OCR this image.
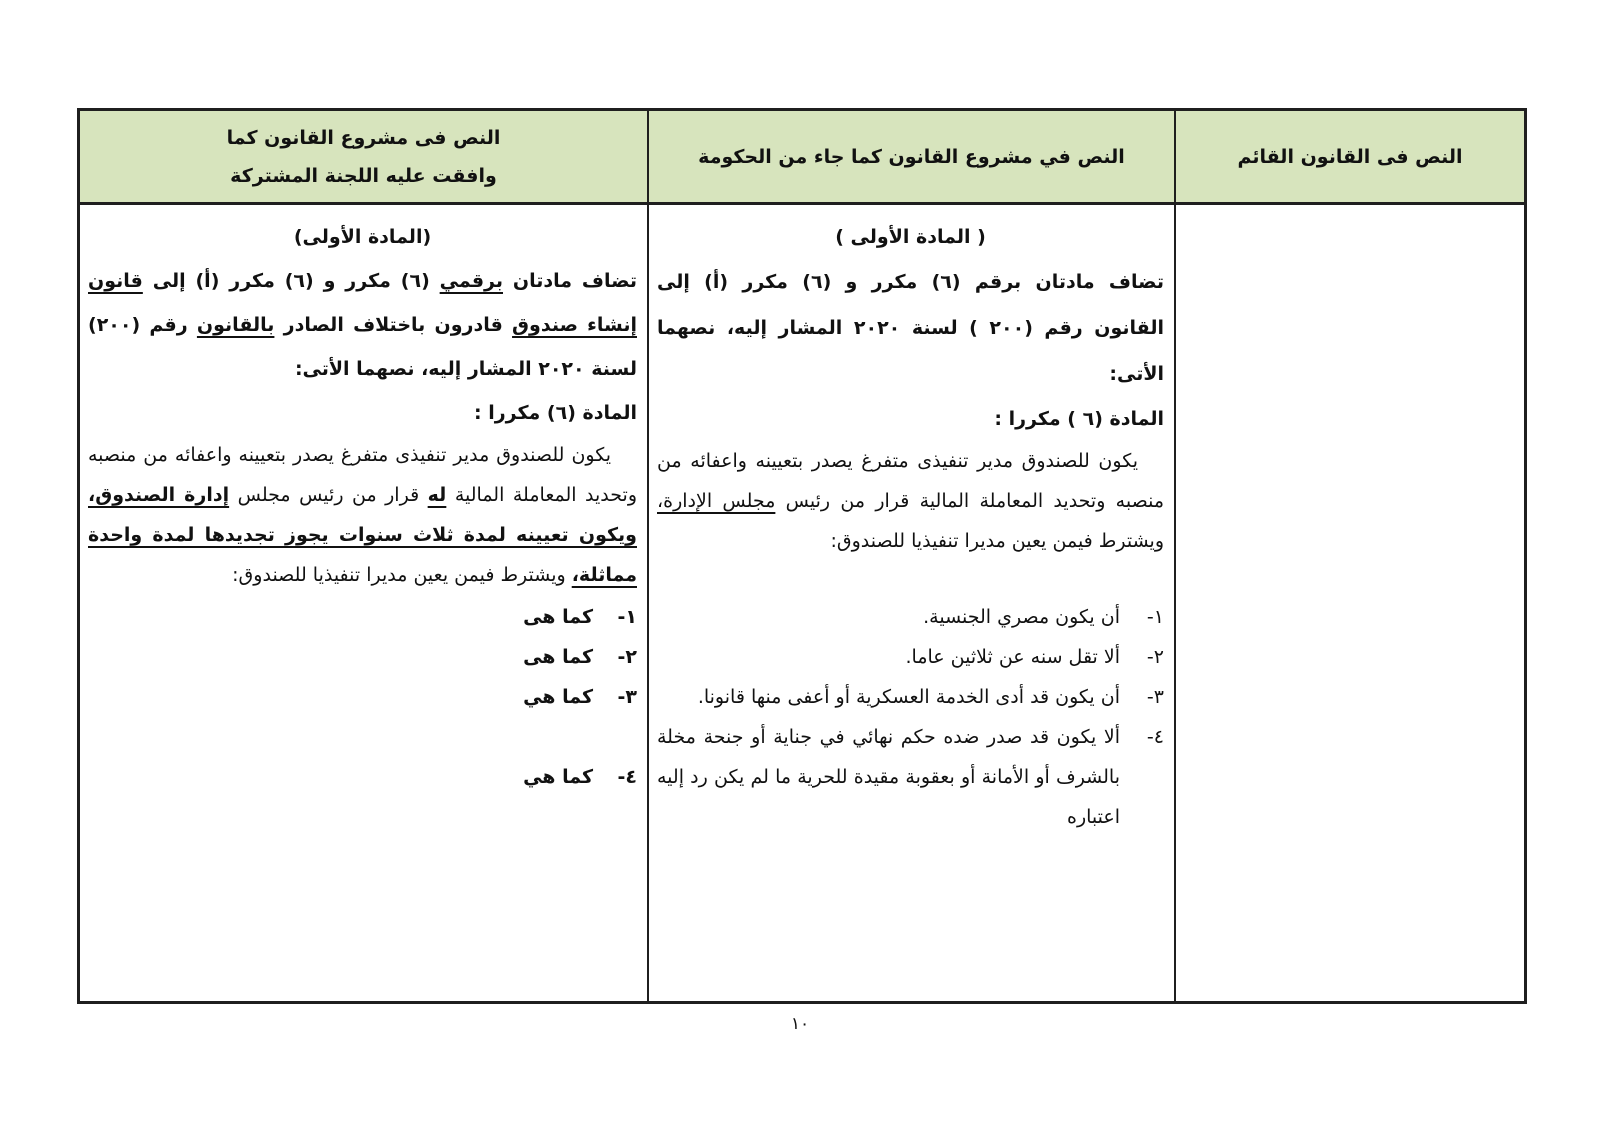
النص فى مشروع القانون كما وافقت عليه اللجنة المشتركة
النص في مشروع القانون كما جاء من الحكومة	النص فى القانون القائم

(المادة الأولى)

تضاف مادتان برقمي (٦) مكرر و (٦) مكرر (أ) إلى قانون إنشاء صندوق قادرون باختلاف الصادر بالقانون رقم (٢٠٠) لسنة ٢٠٢٠ المشار إليه، نصهما الأتى:

المادة (٦) مكررا :

يكون للصندوق مدير تنفيذى متفرغ يصدر بتعيينه واعفائه من منصبه وتحديد المعاملة المالية له قرار من رئيس مجلس إدارة الصندوق، ويكون تعيينه لمدة ثلاث سنوات يجوز تجديدها لمدة واحدة مماثلة، ويشترط فيمن يعين مديرا تنفيذيا للصندوق:

١-
كما هى
٢-
كما هى
٣-
كما هي
٤-
كما هي

( المادة الأولى )

تضاف مادتان برقم (٦) مكرر و (٦) مكرر (أ) إلى القانون رقم (٢٠٠ ) لسنة ٢٠٢٠ المشار إليه، نصهما الأتى:

المادة (٦ ) مكررا :

يكون للصندوق مدير تنفيذى متفرغ يصدر بتعيينه واعفائه من منصبه وتحديد المعاملة المالية قرار من رئيس مجلس الإدارة، ويشترط فيمن يعين مديرا تنفيذيا للصندوق:

١-
أن يكون مصري الجنسية.
٢-
ألا تقل سنه عن ثلاثين عاما.
٣-
أن يكون قد أدى الخدمة العسكرية أو أعفى منها قانونا.
٤-
ألا يكون قد صدر ضده حكم نهائي في جناية أو جنحة مخلة بالشرف أو الأمانة أو بعقوبة مقيدة للحرية ما لم يكن رد إليه اعتباره

١٠
